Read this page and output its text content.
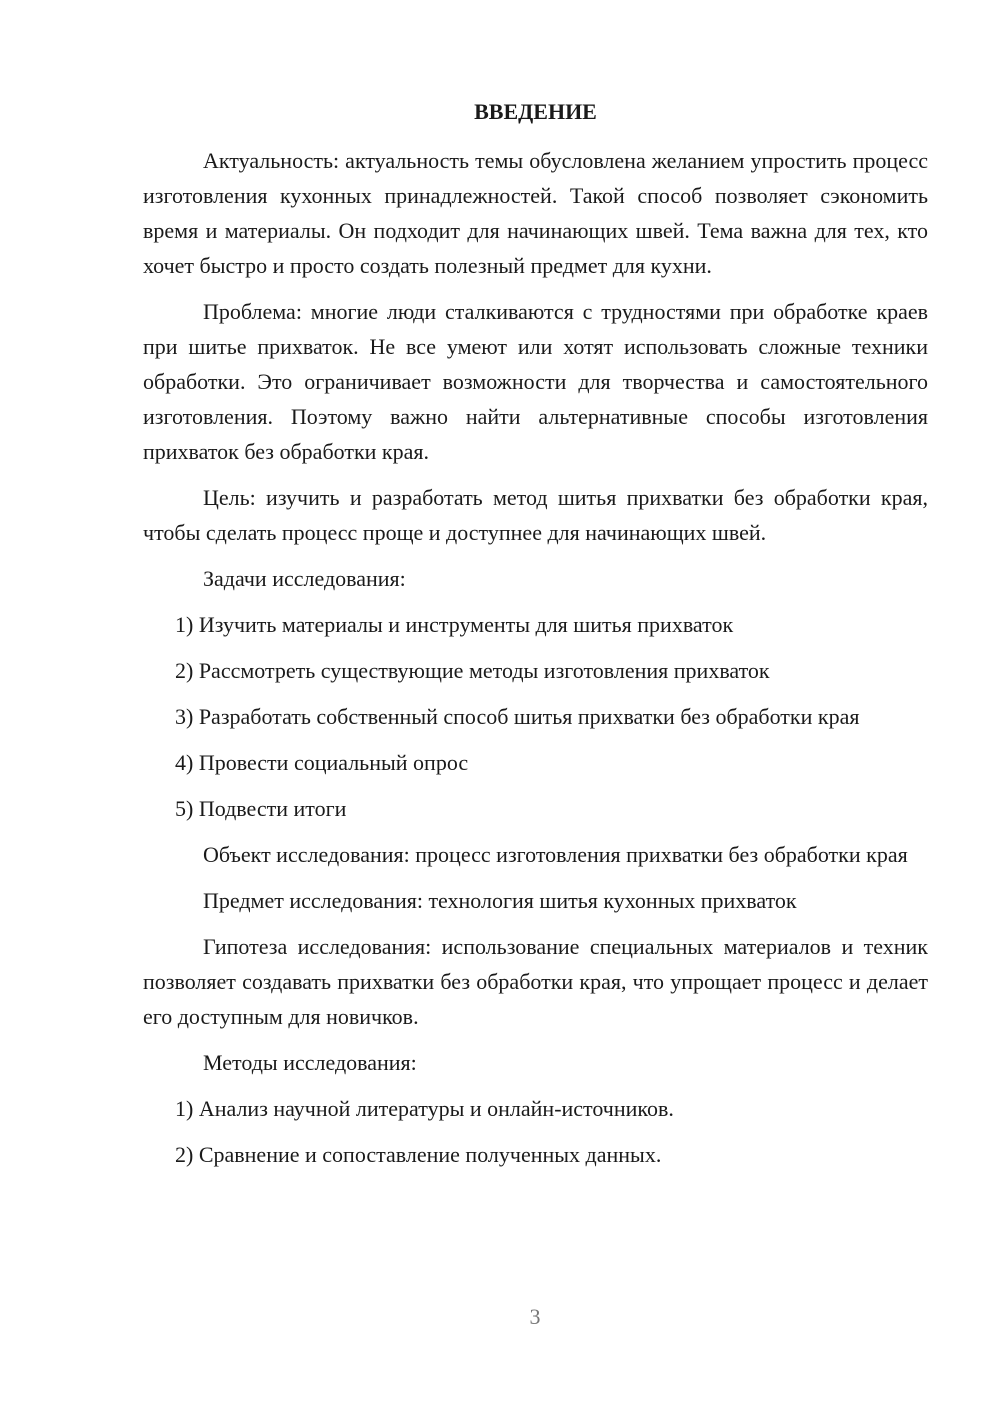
ВВЕДЕНИЕ
Актуальность: актуальность темы обусловлена желанием упростить процесс изготовления кухонных принадлежностей. Такой способ позволяет сэкономить время и материалы. Он подходит для начинающих швей. Тема важна для тех, кто хочет быстро и просто создать полезный предмет для кухни.
Проблема: многие люди сталкиваются с трудностями при обработке краев при шитье прихваток. Не все умеют или хотят использовать сложные техники обработки. Это ограничивает возможности для творчества и самостоятельного изготовления. Поэтому важно найти альтернативные способы изготовления прихваток без обработки края.
Цель: изучить и разработать метод шитья прихватки без обработки края, чтобы сделать процесс проще и доступнее для начинающих швей.
Задачи исследования:
1) Изучить материалы и инструменты для шитья прихваток
2) Рассмотреть существующие методы изготовления прихваток
3) Разработать собственный способ шитья прихватки без обработки края
4) Провести социальный опрос
5) Подвести итоги
Объект исследования: процесс изготовления прихватки без обработки края
Предмет исследования: технология шитья кухонных прихваток
Гипотеза исследования: использование специальных материалов и техник позволяет создавать прихватки без обработки края, что упрощает процесс и делает его доступным для новичков.
Методы исследования:
1) Анализ научной литературы и онлайн-источников.
2) Сравнение и сопоставление полученных данных.
3
